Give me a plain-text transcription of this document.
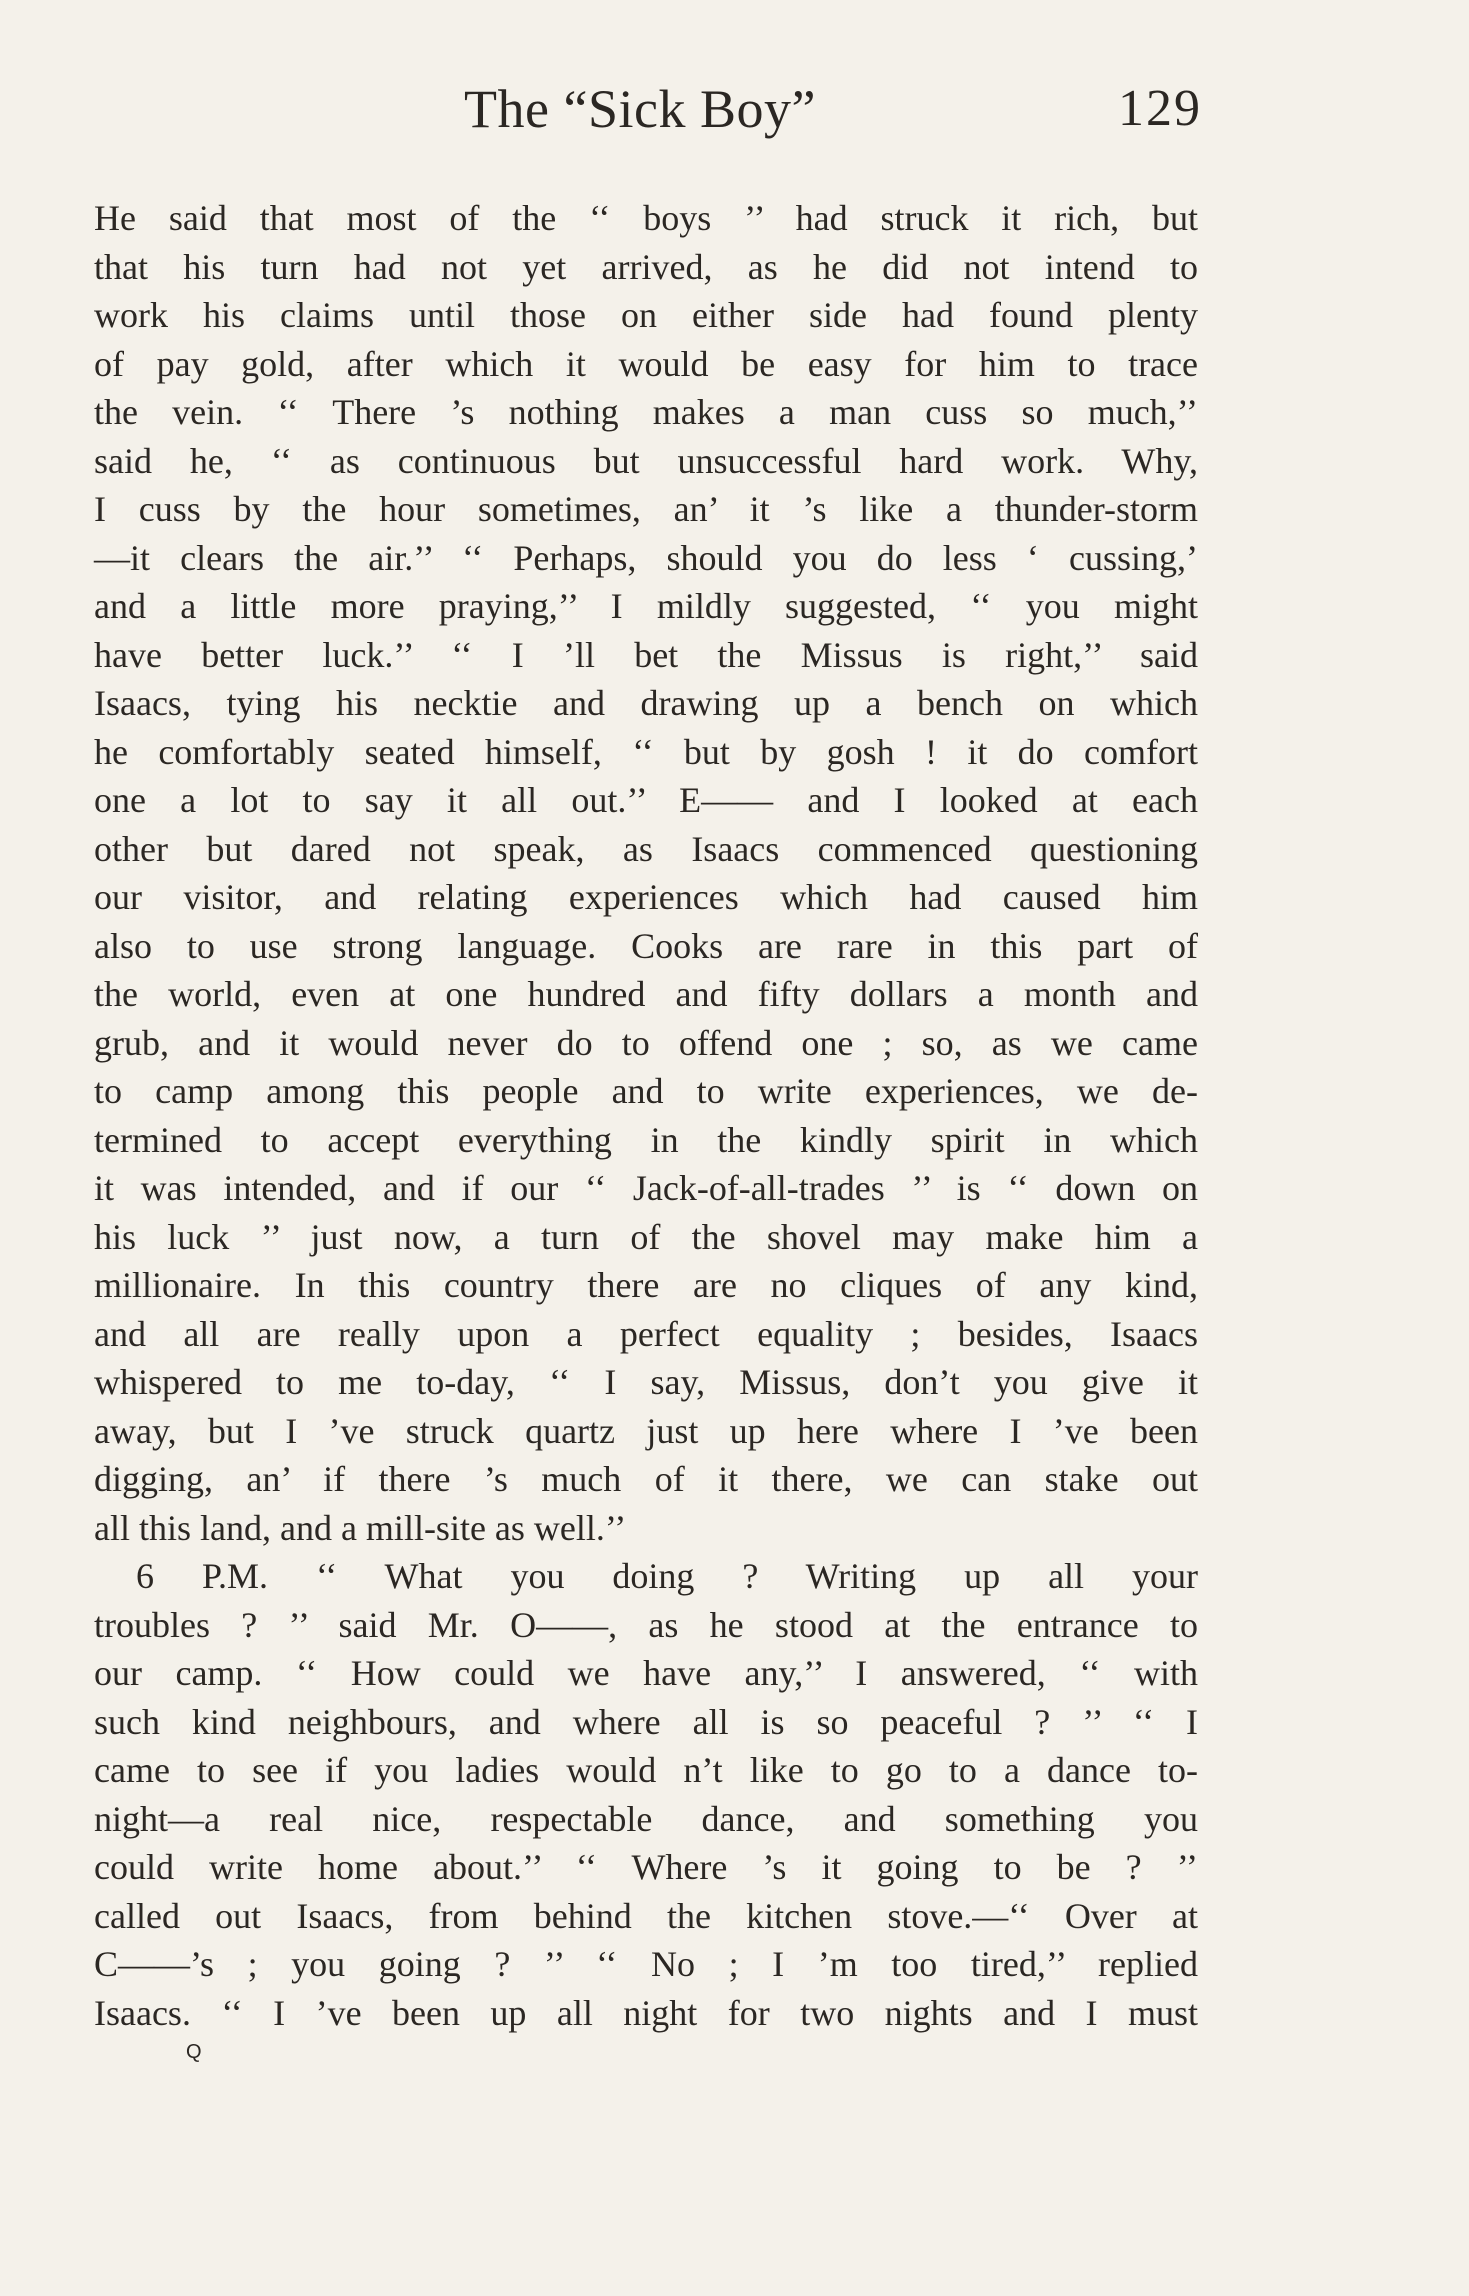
The “Sick Boy”	129
He said that most of the ‘‘ boys ’’ had struck it rich, but
that his turn had not yet arrived, as he did not intend to
work his claims until those on either side had found plenty
of pay gold, after which it would be easy for him to trace
the vein. ‘‘ There ’s nothing makes a man cuss so much,’’
said he, ‘‘ as continuous but unsuccessful hard work. Why,
I cuss by the hour sometimes, an’ it ’s like a thunder-storm
—it clears the air.’’ ‘‘ Perhaps, should you do less ‘ cussing,’
and a little more praying,’’ I mildly suggested, ‘‘ you might
have better luck.’’ ‘‘ I ’ll bet the Missus is right,’’ said
Isaacs, tying his necktie and drawing up a bench on which
he comfortably seated himself, ‘‘ but by gosh ! it do comfort
one a lot to say it all out.’’ E—— and I looked at each
other but dared not speak, as Isaacs commenced questioning
our visitor, and relating experiences which had caused him
also to use strong language. Cooks are rare in this part of
the world, even at one hundred and fifty dollars a month and
grub, and it would never do to offend one ; so, as we came
to camp among this people and to write experiences, we de-
termined to accept everything in the kindly spirit in which
it was intended, and if our ‘‘ Jack-of-all-trades ’’ is ‘‘ down on
his luck ’’ just now, a turn of the shovel may make him a
millionaire. In this country there are no cliques of any kind,
and all are really upon a perfect equality ; besides, Isaacs
whispered to me to-day, ‘‘ I say, Missus, don’t you give it
away, but I ’ve struck quartz just up here where I ’ve been
digging, an’ if there ’s much of it there, we can stake out
all this land, and a mill-site as well.’’
6 P.M. ‘‘ What you doing ? Writing up all your
troubles ? ’’ said Mr. O——, as he stood at the entrance to
our camp. ‘‘ How could we have any,’’ I answered, ‘‘ with
such kind neighbours, and where all is so peaceful ? ’’ ‘‘ I
came to see if you ladies would n’t like to go to a dance to-
night—a real nice, respectable dance, and something you
could write home about.’’ ‘‘ Where ’s it going to be ? ’’
called out Isaacs, from behind the kitchen stove.—‘‘ Over at
C——’s ; you going ? ’’ ‘‘ No ; I ’m too tired,’’ replied
Isaacs. ‘‘ I ’ve been up all night for two nights and I must
Q
